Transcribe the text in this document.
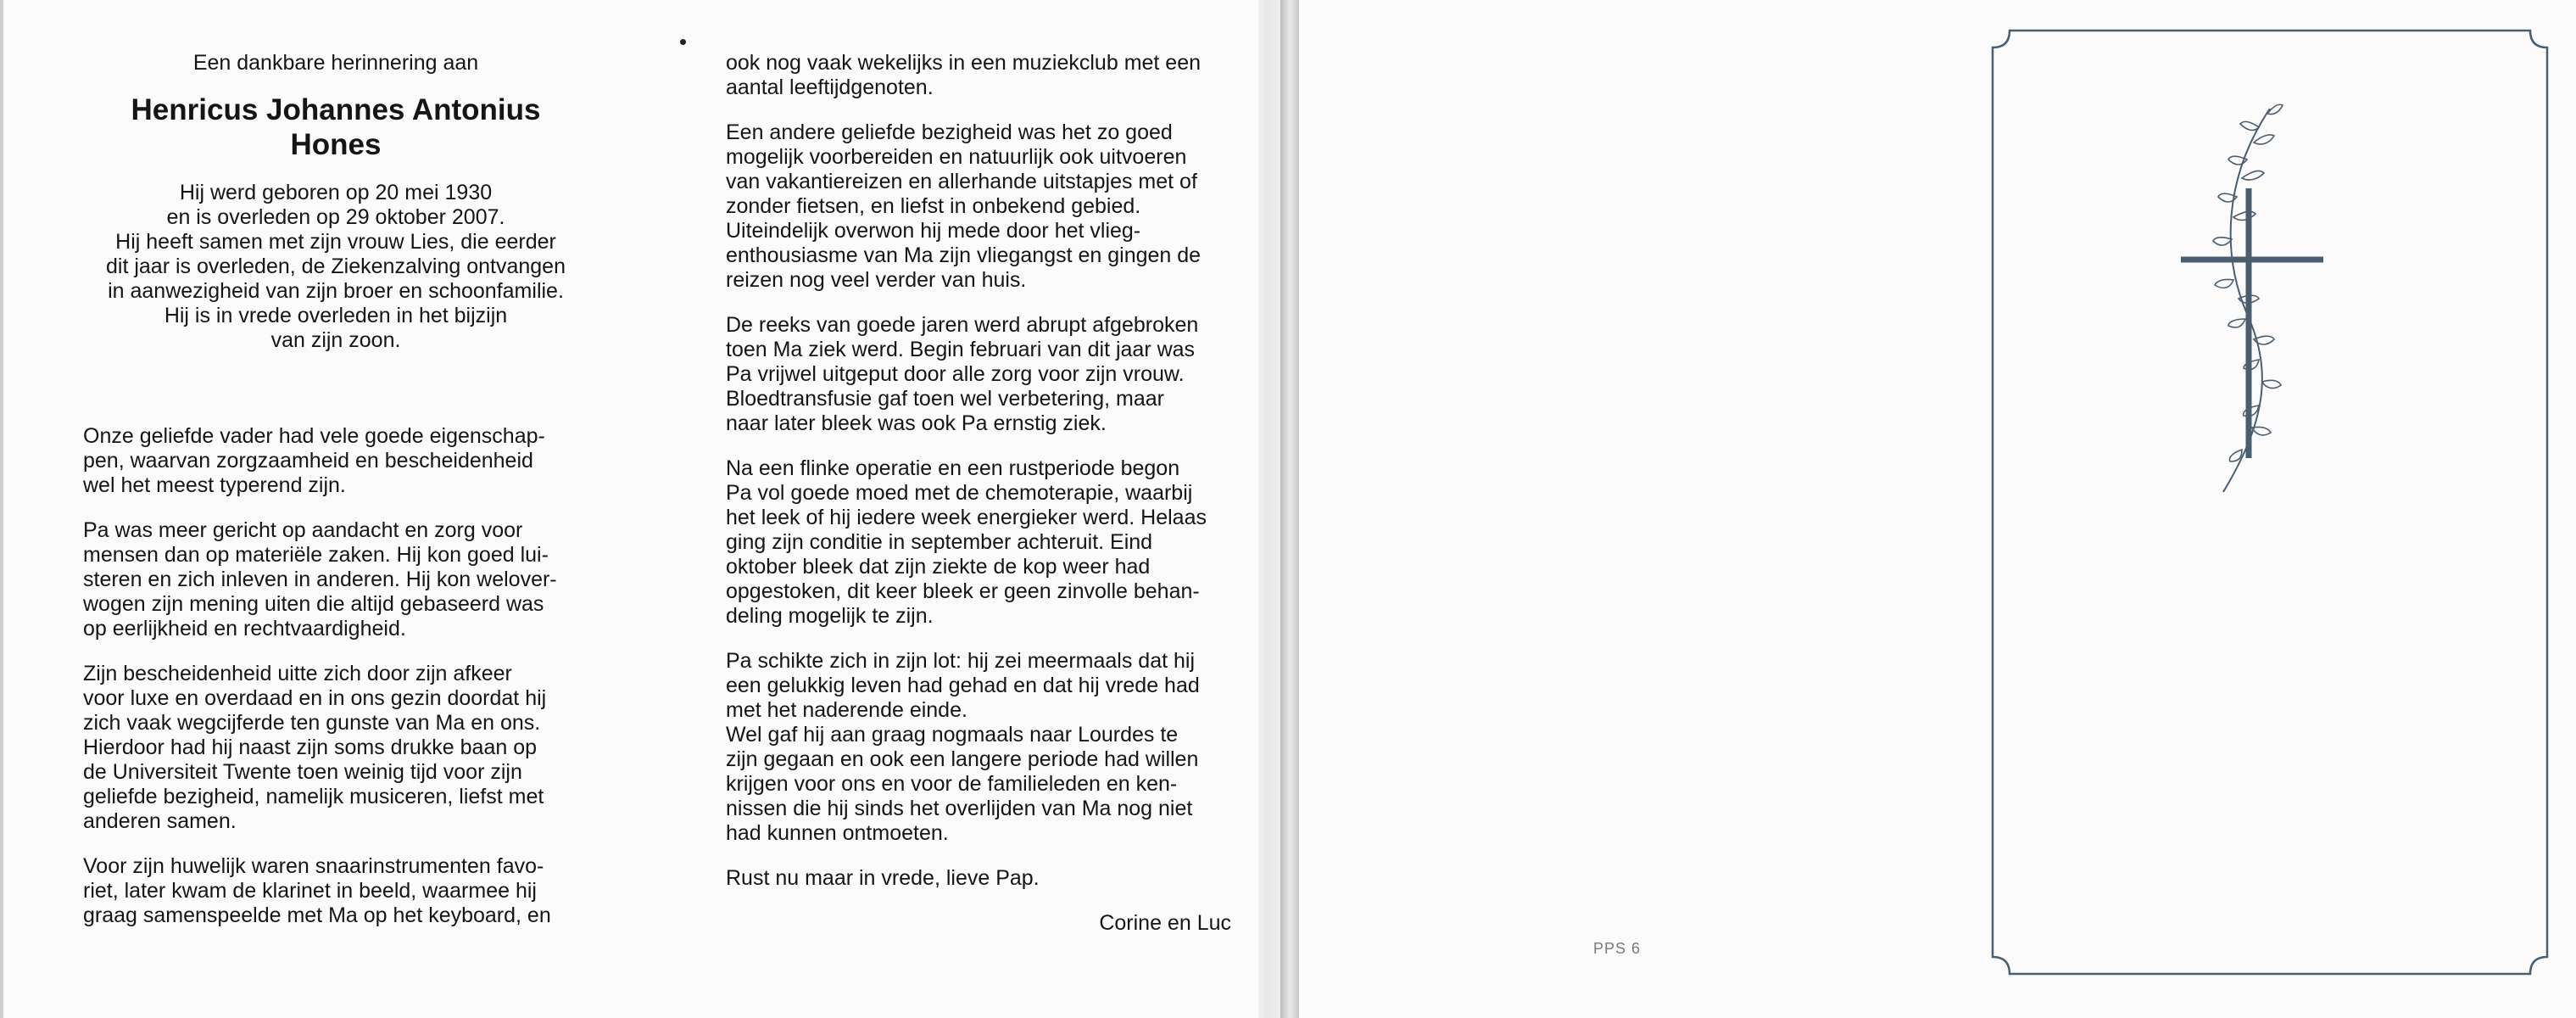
Een dankbare herinnering aan

Henricus Johannes Antonius
Hones

Hij werd geboren op 20 mei 1930
en is overleden op 29 oktober 2007.
Hij heeft samen met zijn vrouw Lies, die eerder
dit jaar is overleden, de Ziekenzalving ontvangen
in aanwezigheid van zijn broer en schoonfamilie.
Hij is in vrede overleden in het bijzijn
van zijn zoon.

Onze geliefde vader had vele goede eigenschap-
pen, waarvan zorgzaamheid en bescheidenheid
wel het meest typerend zijn.

Pa was meer gericht op aandacht en zorg voor
mensen dan op materiële zaken. Hij kon goed lui-
steren en zich inleven in anderen. Hij kon welover-
wogen zijn mening uiten die altijd gebaseerd was
op eerlijkheid en rechtvaardigheid.

Zijn bescheidenheid uitte zich door zijn afkeer
voor luxe en overdaad en in ons gezin doordat hij
zich vaak wegcijferde ten gunste van Ma en ons.
Hierdoor had hij naast zijn soms drukke baan op
de Universiteit Twente toen weinig tijd voor zijn
geliefde bezigheid, namelijk musiceren, liefst met
anderen samen.

Voor zijn huwelijk waren snaarinstrumenten favo-
riet, later kwam de klarinet in beeld, waarmee hij
graag samenspeelde met Ma op het keyboard, en

ook nog vaak wekelijks in een muziekclub met een
aantal leeftijdgenoten.

Een andere geliefde bezigheid was het zo goed
mogelijk voorbereiden en natuurlijk ook uitvoeren
van vakantiereizen en allerhande uitstapjes met of
zonder fietsen, en liefst in onbekend gebied.
Uiteindelijk overwon hij mede door het vlieg-
enthousiasme van Ma zijn vliegangst en gingen de
reizen nog veel verder van huis.

De reeks van goede jaren werd abrupt afgebroken
toen Ma ziek werd. Begin februari van dit jaar was
Pa vrijwel uitgeput door alle zorg voor zijn vrouw.
Bloedtransfusie gaf toen wel verbetering, maar
naar later bleek was ook Pa ernstig ziek.

Na een flinke operatie en een rustperiode begon
Pa vol goede moed met de chemoterapie, waarbij
het leek of hij iedere week energieker werd. Helaas
ging zijn conditie in september achteruit. Eind
oktober bleek dat zijn ziekte de kop weer had
opgestoken, dit keer bleek er geen zinvolle behan-
deling mogelijk te zijn.

Pa schikte zich in zijn lot: hij zei meermaals dat hij
een gelukkig leven had gehad en dat hij vrede had
met het naderende einde.
Wel gaf hij aan graag nogmaals naar Lourdes te
zijn gegaan en ook een langere periode had willen
krijgen voor ons en voor de familieleden en ken-
nissen die hij sinds het overlijden van Ma nog niet
had kunnen ontmoeten.

Rust nu maar in vrede, lieve Pap.

Corine en Luc

PPS 6
